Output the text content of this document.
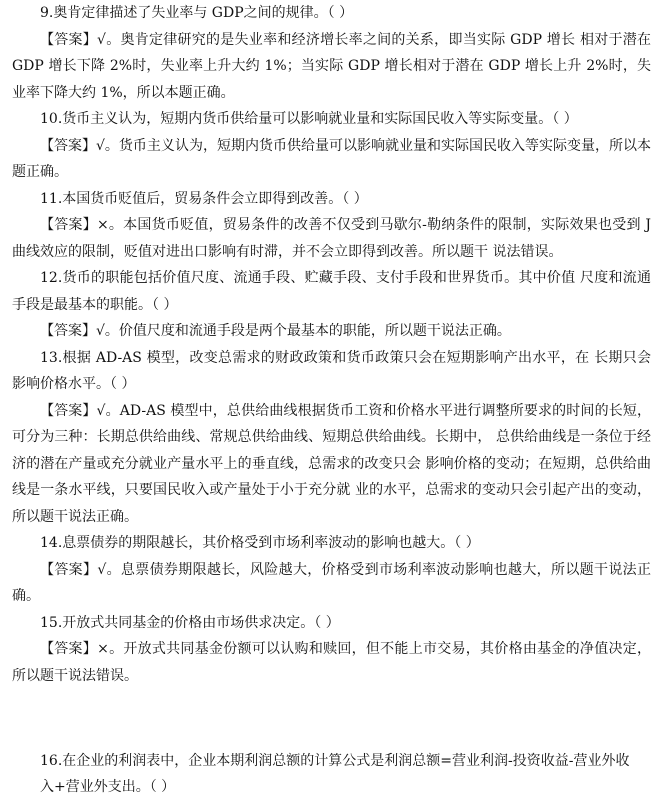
9.奥肯定律描述了失业率与 GDP之间的规律。（ ）

【答案】√。奥肯定律研究的是失业率和经济增长率之间的关系，即当实际 GDP 增长 相对于潜在 GDP 增长下降 2%时，失业率上升大约 1%；当实际 GDP 增长相对于潜在 GDP 增长上升 2%时，失业率下降大约 1%，所以本题正确。

10.货币主义认为，短期内货币供给量可以影响就业量和实际国民收入等实际变量。（ ）

【答案】√。货币主义认为，短期内货币供给量可以影响就业量和实际国民收入等实际变量，所以本题正确。

11.本国货币贬值后，贸易条件会立即得到改善。（ ）

【答案】×。本国货币贬值，贸易条件的改善不仅受到马歇尔-勒纳条件的限制，实际效果也受到 J 曲线效应的限制，贬值对进出口影响有时滞，并不会立即得到改善。所以题干 说法错误。

12.货币的职能包括价值尺度、流通手段、贮藏手段、支付手段和世界货币。其中价值 尺度和流通手段是最基本的职能。（ ）

【答案】√。价值尺度和流通手段是两个最基本的职能，所以题干说法正确。

13.根据 AD-AS 模型，改变总需求的财政政策和货币政策只会在短期影响产出水平，在 长期只会影响价格水平。（ ）

【答案】√。AD-AS 模型中，总供给曲线根据货币工资和价格水平进行调整所要求的时间的长短，可分为三种：长期总供给曲线、常规总供给曲线、短期总供给曲线。长期中， 总供给曲线是一条位于经济的潜在产量或充分就业产量水平上的垂直线，总需求的改变只会 影响价格的变动；在短期，总供给曲线是一条水平线，只要国民收入或产量处于小于充分就 业的水平，总需求的变动只会引起产出的变动，所以题干说法正确。

14.息票债券的期限越长，其价格受到市场利率波动的影响也越大。（ ）

【答案】√。息票债券期限越长，风险越大，价格受到市场利率波动影响也越大，所以题干说法正确。

15.开放式共同基金的价格由市场供求决定。（ ）

【答案】×。开放式共同基金份额可以认购和赎回，但不能上市交易，其价格由基金的净值决定，所以题干说法错误。

16.在企业的利润表中，企业本期利润总额的计算公式是利润总额=营业利润-投资收益-营业外收入+营业外支出。（ ）
